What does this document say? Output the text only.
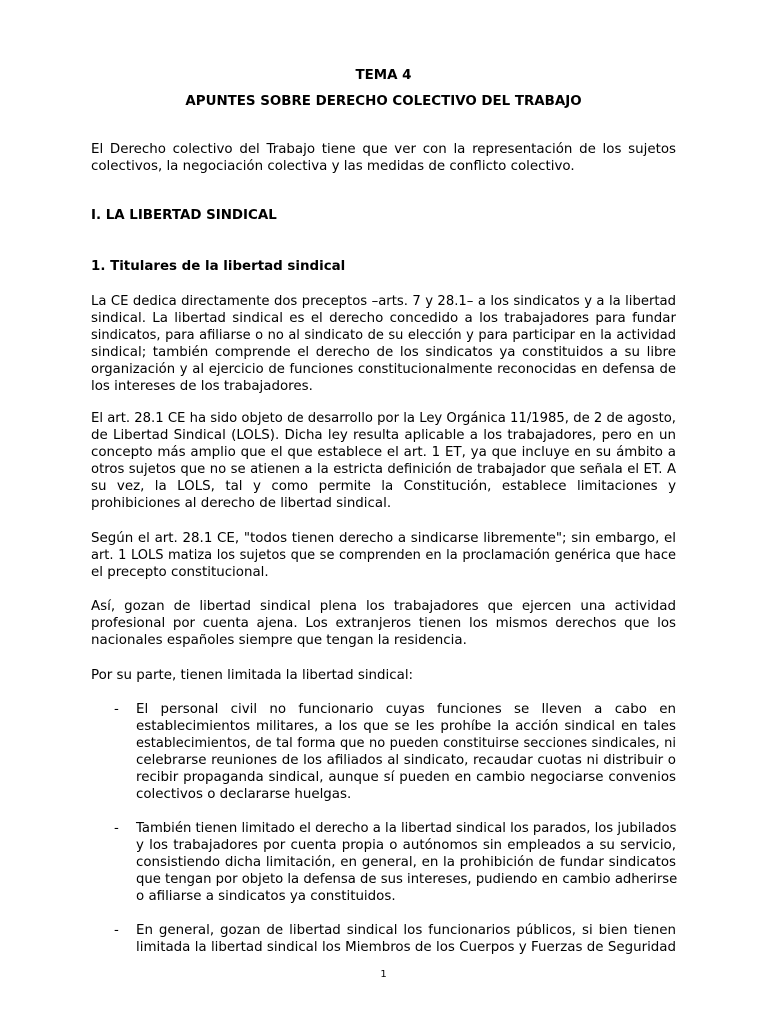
TEMA 4

APUNTES SOBRE DERECHO COLECTIVO DEL TRABAJO

El Derecho colectivo del Trabajo tiene que ver con la representación de los sujetos

colectivos, la negociación colectiva y las medidas de conflicto colectivo.

I. LA LIBERTAD SINDICAL

1. Titulares de la libertad sindical

La CE dedica directamente dos preceptos –arts. 7 y 28.1– a los sindicatos y a la libertad

sindical. La libertad sindical es el derecho concedido a los trabajadores para fundar

sindicatos, para afiliarse o no al sindicato de su elección y para participar en la actividad

sindical; también comprende el derecho de los sindicatos ya constituidos a su libre

organización y al ejercicio de funciones constitucionalmente reconocidas en defensa de

los intereses de los trabajadores.

El art. 28.1 CE ha sido objeto de desarrollo por la Ley Orgánica 11/1985, de 2 de agosto,

de Libertad Sindical (LOLS). Dicha ley resulta aplicable a los trabajadores, pero en un

concepto más amplio que el que establece el art. 1 ET, ya que incluye en su ámbito a

otros sujetos que no se atienen a la estricta definición de trabajador que señala el ET. A

su vez, la LOLS, tal y como permite la Constitución, establece limitaciones y

prohibiciones al derecho de libertad sindical.

Según el art. 28.1 CE, "todos tienen derecho a sindicarse libremente"; sin embargo, el

art. 1 LOLS matiza los sujetos que se comprenden en la proclamación genérica que hace

el precepto constitucional.

Así, gozan de libertad sindical plena los trabajadores que ejercen una actividad

profesional por cuenta ajena. Los extranjeros tienen los mismos derechos que los

nacionales españoles siempre que tengan la residencia.

Por su parte, tienen limitada la libertad sindical:

- El personal civil no funcionario cuyas funciones se lleven a cabo en

establecimientos militares, a los que se les prohíbe la acción sindical en tales

establecimientos, de tal forma que no pueden constituirse secciones sindicales, ni

celebrarse reuniones de los afiliados al sindicato, recaudar cuotas ni distribuir o

recibir propaganda sindical, aunque sí pueden en cambio negociarse convenios

colectivos o declararse huelgas.

- También tienen limitado el derecho a la libertad sindical los parados, los jubilados

y los trabajadores por cuenta propia o autónomos sin empleados a su servicio,

consistiendo dicha limitación, en general, en la prohibición de fundar sindicatos

que tengan por objeto la defensa de sus intereses, pudiendo en cambio adherirse

o afiliarse a sindicatos ya constituidos.

- En general, gozan de libertad sindical los funcionarios públicos, si bien tienen

limitada la libertad sindical los Miembros de los Cuerpos y Fuerzas de Seguridad

1
